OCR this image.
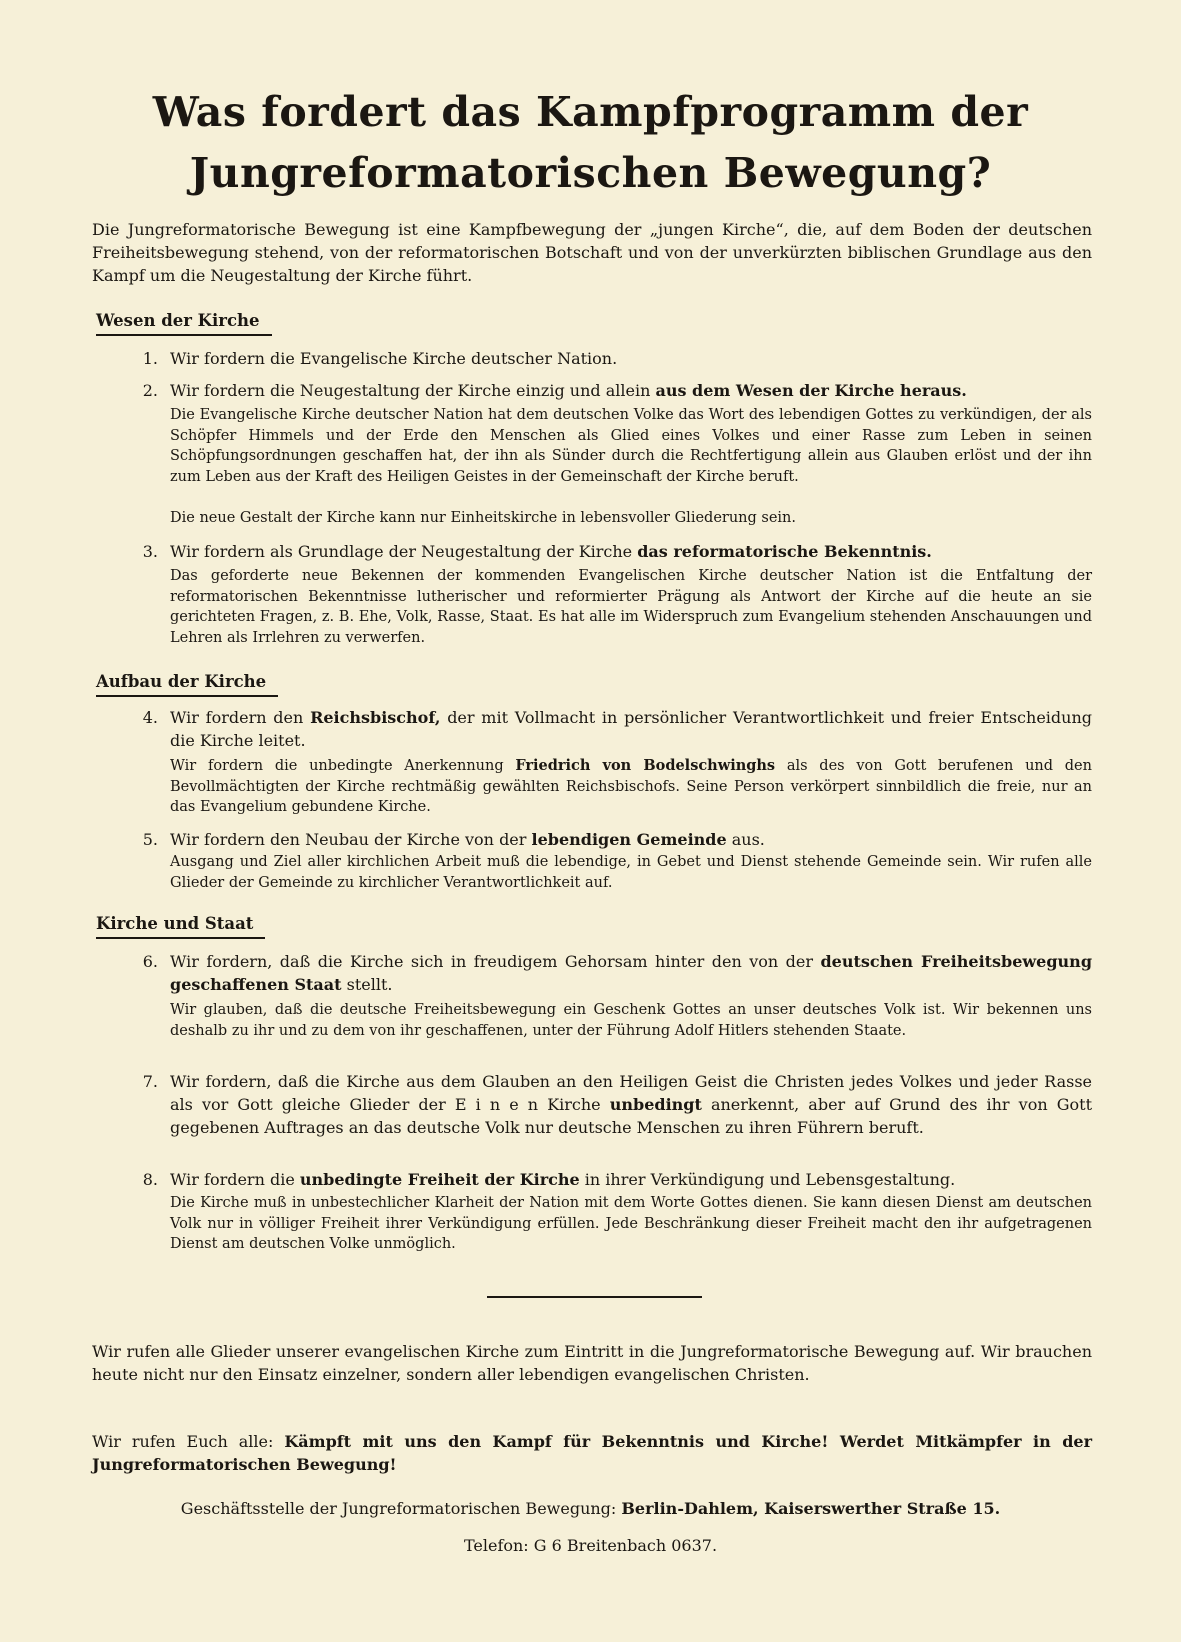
Was fordert das Kampfprogramm der
Jungreformatorischen Bewegung?

Die Jungreformatorische Bewegung ist eine Kampfbewegung der „jungen Kirche“, die, auf dem Boden der deutschen Freiheitsbewegung stehend, von der reformatorischen Botschaft und von der unverkürzten biblischen Grundlage aus den Kampf um die Neugestaltung der Kirche führt.

Wesen der Kirche
1. Wir fordern die Evangelische Kirche deutscher Nation.

2. Wir fordern die Neugestaltung der Kirche einzig und allein aus dem Wesen der Kirche heraus.

Die Evangelische Kirche deutscher Nation hat dem deutschen Volke das Wort des lebendigen Gottes zu verkündigen, der als Schöpfer Himmels und der Erde den Menschen als Glied eines Volkes und einer Rasse zum Leben in seinen Schöpfungsordnungen geschaffen hat, der ihn als Sünder durch die Rechtfertigung allein aus Glauben erlöst und der ihn zum Leben aus der Kraft des Heiligen Geistes in der Gemeinschaft der Kirche beruft.

Die neue Gestalt der Kirche kann nur Einheitskirche in lebensvoller Gliederung sein.

3. Wir fordern als Grundlage der Neugestaltung der Kirche das reformatorische Bekenntnis.

Das geforderte neue Bekennen der kommenden Evangelischen Kirche deutscher Nation ist die Entfaltung der reformatorischen Bekenntnisse lutherischer und reformierter Prägung als Antwort der Kirche auf die heute an sie gerichteten Fragen, z. B. Ehe, Volk, Rasse, Staat. Es hat alle im Widerspruch zum Evangelium stehenden Anschauungen und Lehren als Irrlehren zu verwerfen.

Aufbau der Kirche
4. Wir fordern den Reichsbischof, der mit Vollmacht in persönlicher Verantwortlichkeit und freier Entscheidung die Kirche leitet.

Wir fordern die unbedingte Anerkennung Friedrich von Bodelschwinghs als des von Gott berufenen und den Bevollmächtigten der Kirche rechtmäßig gewählten Reichsbischofs. Seine Person verkörpert sinnbildlich die freie, nur an das Evangelium gebundene Kirche.

5. Wir fordern den Neubau der Kirche von der lebendigen Gemeinde aus.

Ausgang und Ziel aller kirchlichen Arbeit muß die lebendige, in Gebet und Dienst stehende Gemeinde sein. Wir rufen alle Glieder der Gemeinde zu kirchlicher Verantwortlichkeit auf.

Kirche und Staat
6. Wir fordern, daß die Kirche sich in freudigem Gehorsam hinter den von der deutschen Freiheitsbewegung geschaffenen Staat stellt.

Wir glauben, daß die deutsche Freiheitsbewegung ein Geschenk Gottes an unser deutsches Volk ist. Wir bekennen uns deshalb zu ihr und zu dem von ihr geschaffenen, unter der Führung Adolf Hitlers stehenden Staate.

7. Wir fordern, daß die Kirche aus dem Glauben an den Heiligen Geist die Christen jedes Volkes und jeder Rasse als vor Gott gleiche Glieder der E i n e n Kirche unbedingt anerkennt, aber auf Grund des ihr von Gott gegebenen Auftrages an das deutsche Volk nur deutsche Menschen zu ihren Führern beruft.

8. Wir fordern die unbedingte Freiheit der Kirche in ihrer Verkündigung und Lebensgestaltung.

Die Kirche muß in unbestechlicher Klarheit der Nation mit dem Worte Gottes dienen. Sie kann diesen Dienst am deutschen Volk nur in völliger Freiheit ihrer Verkündigung erfüllen. Jede Beschränkung dieser Freiheit macht den ihr aufgetragenen Dienst am deutschen Volke unmöglich.

Wir rufen alle Glieder unserer evangelischen Kirche zum Eintritt in die Jungreformatorische Bewegung auf. Wir brauchen heute nicht nur den Einsatz einzelner, sondern aller lebendigen evangelischen Christen.

Wir rufen Euch alle: Kämpft mit uns den Kampf für Bekenntnis und Kirche! Werdet Mitkämpfer in der Jungreformatorischen Bewegung!

Geschäftsstelle der Jungreformatorischen Bewegung: Berlin-Dahlem, Kaiserswerther Straße 15.

Telefon: G 6 Breitenbach 0637.
